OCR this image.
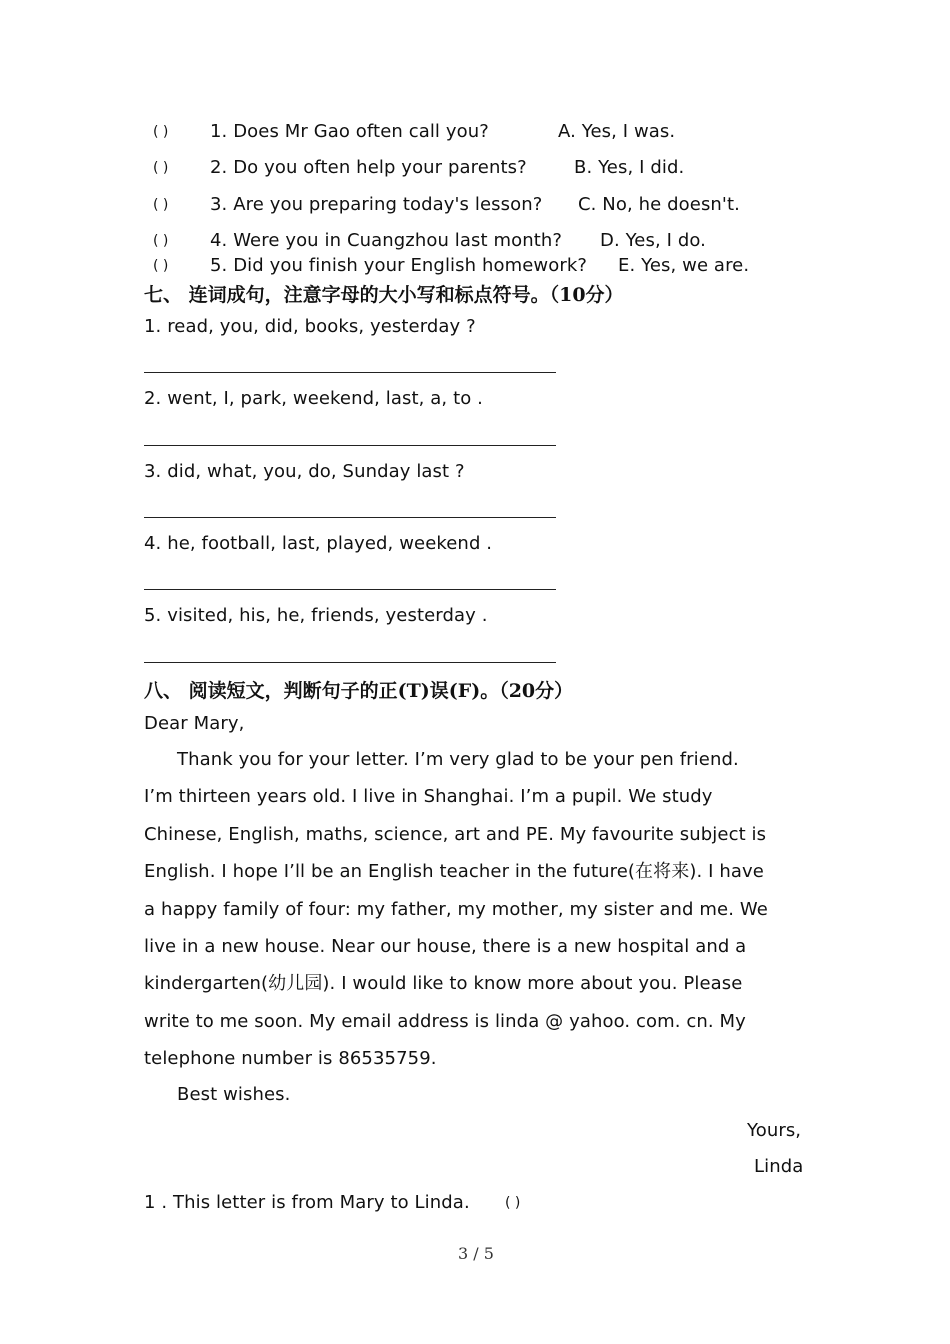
( ) 1. Does Mr Gao often call you?	A. Yes, I was.
( ) 2. Do you often help your parents?	B. Yes, I did.
( ) 3. Are you preparing today's lesson? C. No, he doesn't.
( ) 4. Were you in Cuangzhou last month? D. Yes, I do.
( ) 5. Did you finish your English homework? E. Yes, we are.
七、 连词成句，注意字母的大小写和标点符号。（10分）
1. read, you, did, books, yesterday ?
2. went, I, park, weekend, last, a, to .
3. did, what, you, do, Sunday last ?
4. he, football, last, played, weekend .
5. visited, his, he, friends, yesterday .
八、 阅读短文，判断句子的正(T)误(F)。（20分）
Dear Mary,
Thank you for your letter. I’m very glad to be your pen friend.
I’m thirteen years old. I live in Shanghai. I’m a pupil. We study
Chinese, English, maths, science, art and PE. My favourite subject is
English. I hope I’ll be an English teacher in the future(在将来). I have
a happy family of four: my father, my mother, my sister and me. We
live in a new house. Near our house, there is a new hospital and a
kindergarten(幼儿园). I would like to know more about you. Please
write to me soon. My email address is linda @ yahoo. com. cn. My
telephone number is 86535759.
Best wishes.
Yours,
Linda
1 . This letter is from Mary to Linda.	( )
3 / 5
